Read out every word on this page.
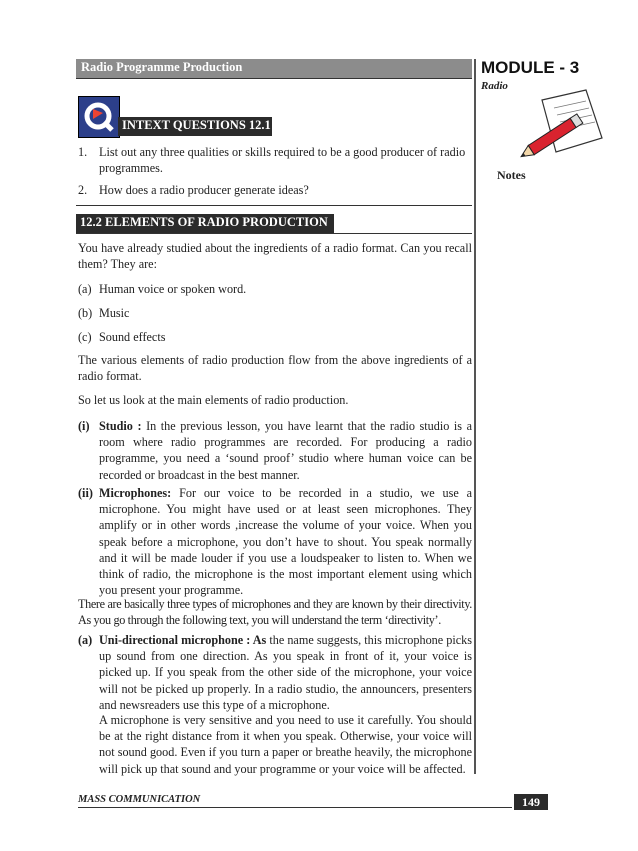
Radio Programme Production	MODULE - 3
Radio
Notes
INTEXT QUESTIONS 12.1
1. List out any three qualities or skills required to be a good producer of radio programmes.
2. How does a radio producer generate ideas?
12.2 ELEMENTS OF RADIO PRODUCTION
You have already studied about the ingredients of a radio format. Can you recall them? They are:
(a) Human voice or spoken word.
(b) Music
(c) Sound effects
The various elements of radio production flow from the above ingredients of a radio format.
So let us look at the main elements of radio production.
(i) Studio : In the previous lesson, you have learnt that the radio studio is a room where radio programmes are recorded. For producing a radio programme, you need a ‘sound proof’ studio where human voice can be recorded or broadcast in the best manner.
(ii) Microphones: For our voice to be recorded in a studio, we use a microphone. You might have used or at least seen microphones. They amplify or in other words ,increase the volume of your voice. When you speak before a microphone, you don’t have to shout. You speak normally and it will be made louder if you use a loudspeaker to listen to. When we think of radio, the microphone is the most important element using which you present your programme.
There are basically three types of microphones and they are known by their directivity. As you go through the following text, you will understand the term ‘directivity’.
(a) Uni-directional microphone : As the name suggests, this microphone picks up sound from one direction. As you speak in front of it, your voice is picked up. If you speak from the other side of the microphone, your voice will not be picked up properly. In a radio studio, the announcers, presenters and newsreaders use this type of a microphone.
A microphone is very sensitive and you need to use it carefully. You should be at the right distance from it when you speak. Otherwise, your voice will not sound good. Even if you turn a paper or breathe heavily, the microphone will pick up that sound and your programme or your voice will be affected.
MASS COMMUNICATION	149
